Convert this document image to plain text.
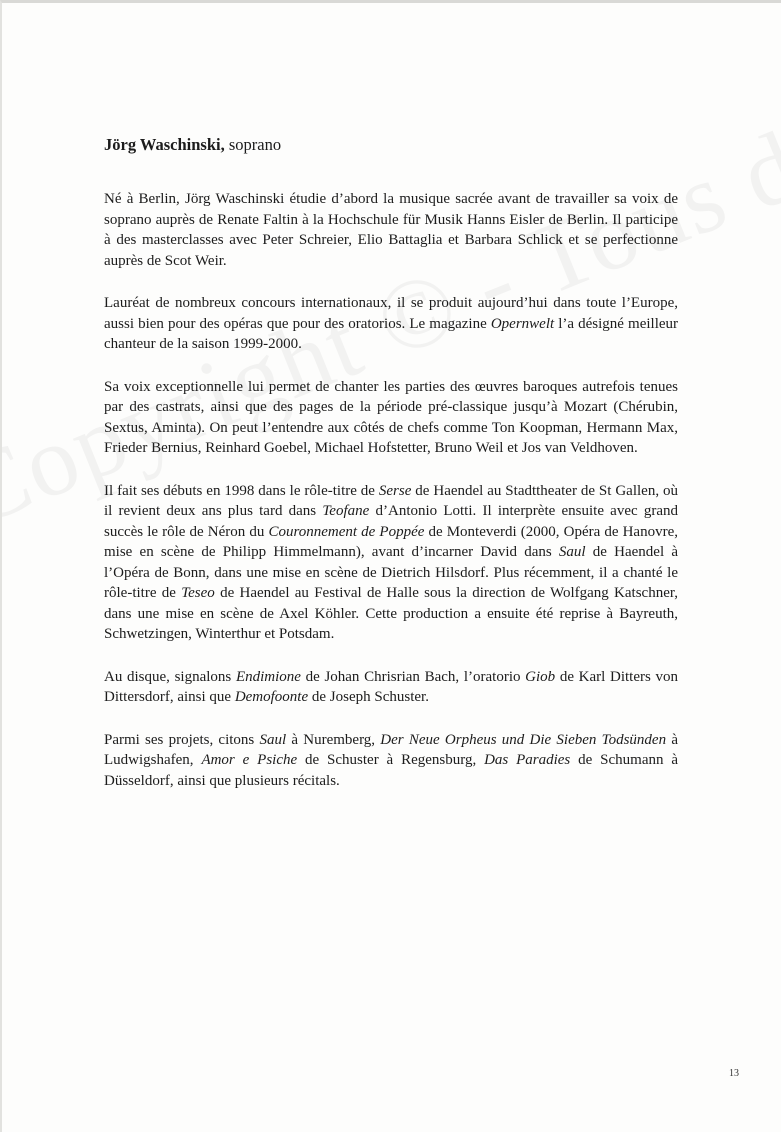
Jörg Waschinski, soprano

Né à Berlin, Jörg Waschinski étudie d’abord la musique sacrée avant de travailler sa voix de soprano auprès de Renate Faltin à la Hochschule für Musik Hanns Eisler de Berlin. Il participe à des masterclasses avec Peter Schreier, Elio Battaglia et Barbara Schlick et se perfectionne auprès de Scot Weir.

Lauréat de nombreux concours internationaux, il se produit aujourd’hui dans toute l’Europe, aussi bien pour des opéras que pour des oratorios. Le magazine Opernwelt l’a désigné meilleur chanteur de la saison 1999-2000.

Sa voix exceptionnelle lui permet de chanter les parties des œuvres baroques autrefois tenues par des castrats, ainsi que des pages de la période pré-classique jusqu’à Mozart (Chérubin, Sextus, Aminta). On peut l’entendre aux côtés de chefs comme Ton Koopman, Hermann Max, Frieder Bernius, Reinhard Goebel, Michael Hofstetter, Bruno Weil et Jos van Veldhoven.

Il fait ses débuts en 1998 dans le rôle-titre de Serse de Haendel au Stadttheater de St Gallen, où il revient deux ans plus tard dans Teofane d’Antonio Lotti. Il interprète ensuite avec grand succès le rôle de Néron du Couronnement de Poppée de Monteverdi (2000, Opéra de Hanovre, mise en scène de Philipp Himmelmann), avant d’incarner David dans Saul de Haendel à l’Opéra de Bonn, dans une mise en scène de Dietrich Hilsdorf. Plus récemment, il a chanté le rôle-titre de Teseo de Haendel au Festival de Halle sous la direction de Wolfgang Katschner, dans une mise en scène de Axel Köhler. Cette production a ensuite été reprise à Bayreuth, Schwetzingen, Winterthur et Potsdam.

Au disque, signalons Endimione de Johan Chrisrian Bach, l’oratorio Giob de Karl Ditters von Dittersdorf, ainsi que Demofoonte de Joseph Schuster.

Parmi ses projets, citons Saul à Nuremberg, Der Neue Orpheus und Die Sieben Todsünden à Ludwigshafen, Amor e Psiche de Schuster à Regensburg, Das Paradies de Schumann à Düsseldorf, ainsi que plusieurs récitals.

13
